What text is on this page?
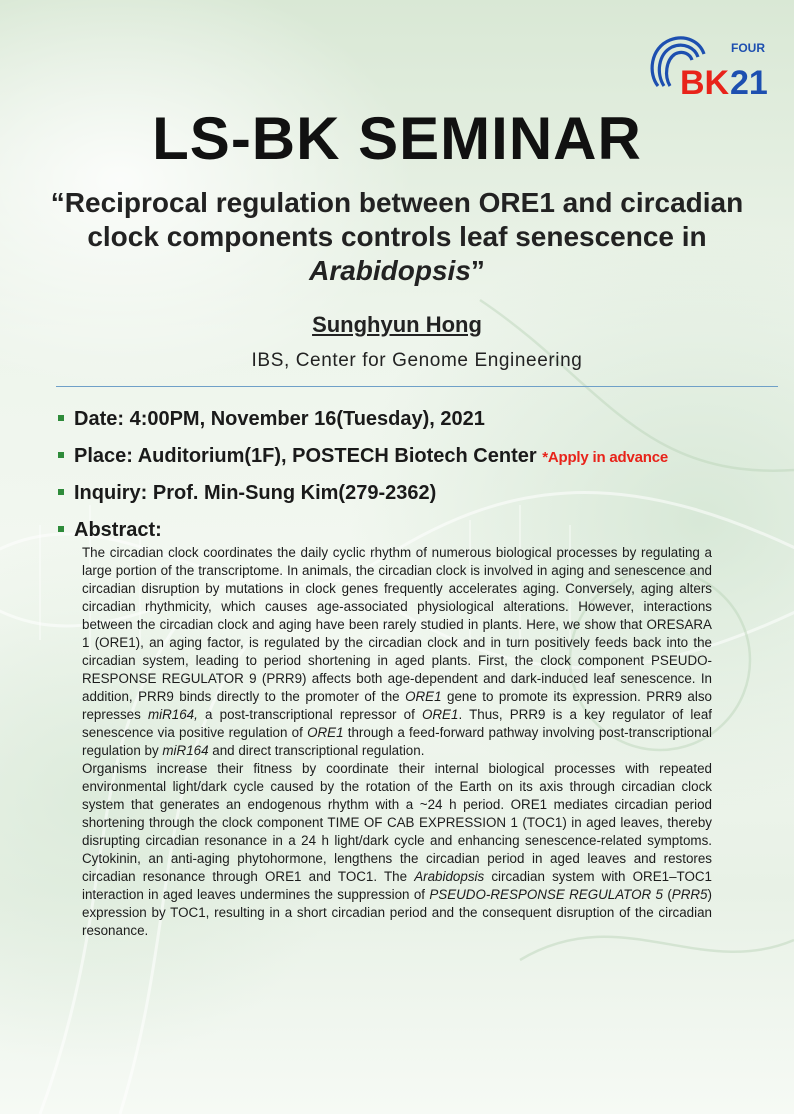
FOUR
BK 21
LS-BK SEMINAR
“Reciprocal regulation between ORE1 and circadian
clock components controls leaf senescence in
Arabidopsis”
Sunghyun Hong
IBS, Center for Genome Engineering
Date: 4:00PM, November 16(Tuesday), 2021
Place: Auditorium(1F), POSTECH Biotech Center *Apply in advance
Inquiry: Prof. Min-Sung Kim(279-2362)
Abstract:

The circadian clock coordinates the daily cyclic rhythm of numerous biological processes by regulating a large portion of the transcriptome. In animals, the circadian clock is involved in aging and senescence and circadian disruption by mutations in clock genes frequently accelerates aging. Conversely, aging alters circadian rhythmicity, which causes age-associated physiological alterations. However, interactions between the circadian clock and aging have been rarely studied in plants. Here, we show that ORESARA 1 (ORE1), an aging factor, is regulated by the circadian clock and in turn positively feeds back into the circadian system, leading to period shortening in aged plants. First, the clock component PSEUDO-RESPONSE REGULATOR 9 (PRR9) affects both age-dependent and dark-induced leaf senescence. In addition, PRR9 binds directly to the promoter of the ORE1 gene to promote its expression. PRR9 also represses miR164, a post-transcriptional repressor of ORE1. Thus, PRR9 is a key regulator of leaf senescence via positive regulation of ORE1 through a feed-forward pathway involving post-transcriptional regulation by miR164 and direct transcriptional regulation.

Organisms increase their fitness by coordinate their internal biological processes with repeated environmental light/dark cycle caused by the rotation of the Earth on its axis through circadian clock system that generates an endogenous rhythm with a ~24 h period. ORE1 mediates circadian period shortening through the clock component TIME OF CAB EXPRESSION 1 (TOC1) in aged leaves, thereby disrupting circadian resonance in a 24 h light/dark cycle and enhancing senescence-related symptoms. Cytokinin, an anti-aging phytohormone, lengthens the circadian period in aged leaves and restores circadian resonance through ORE1 and TOC1. The Arabidopsis circadian system with ORE1–TOC1 interaction in aged leaves undermines the suppression of PSEUDO-RESPONSE REGULATOR 5 (PRR5) expression by TOC1, resulting in a short circadian period and the consequent disruption of the circadian resonance.
